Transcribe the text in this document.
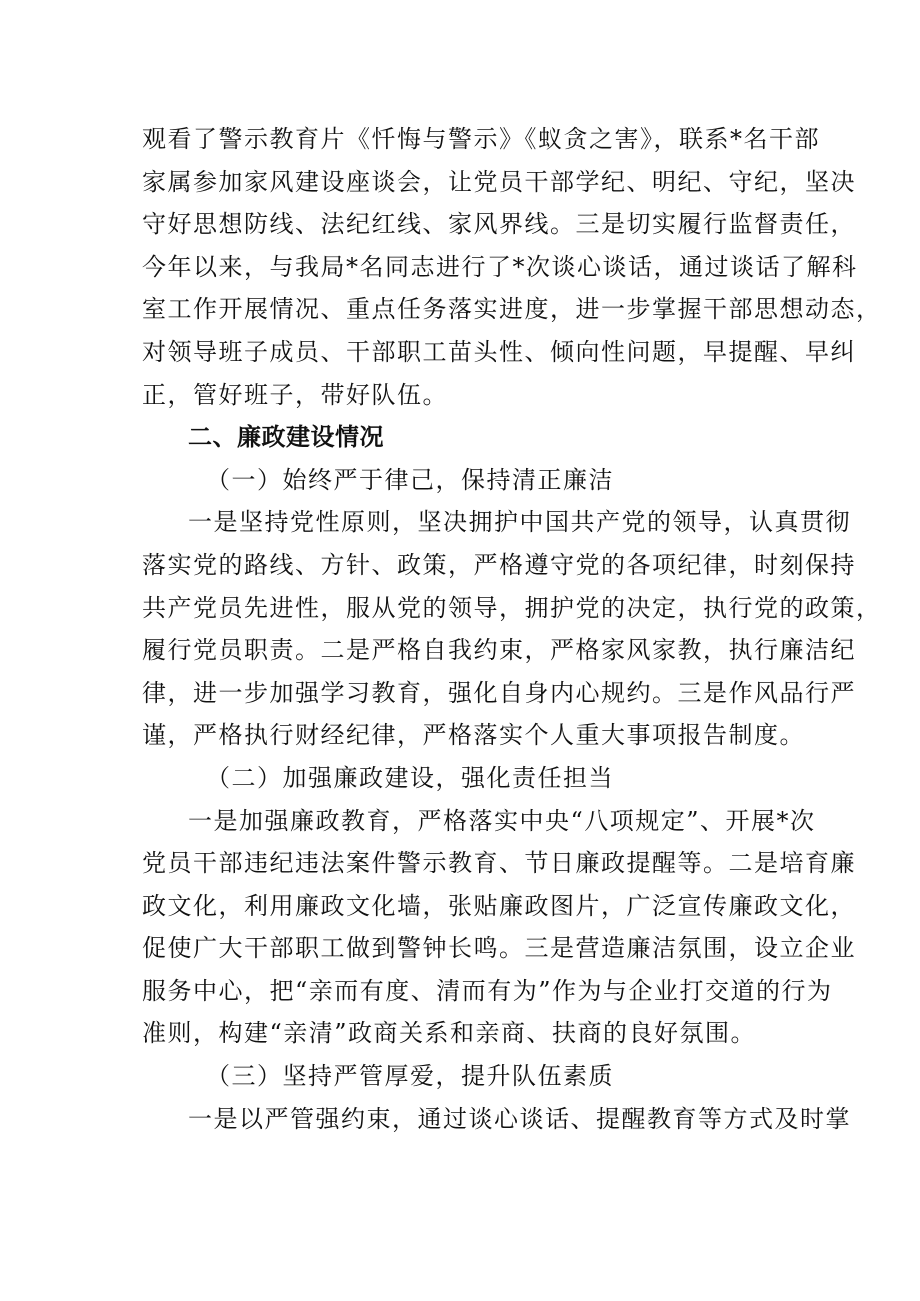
观看了警示教育片《忏悔与警示》《蚁贪之害》，联系*名干部
家属参加家风建设座谈会，让党员干部学纪、明纪、守纪，坚决
守好思想防线、法纪红线、家风界线。三是切实履行监督责任，
今年以来，与我局*名同志进行了*次谈心谈话，通过谈话了解科
室工作开展情况、重点任务落实进度，进一步掌握干部思想动态，
对领导班子成员、干部职工苗头性、倾向性问题，早提醒、早纠
正，管好班子，带好队伍。
二、廉政建设情况
（一）始终严于律己，保持清正廉洁
一是坚持党性原则，坚决拥护中国共产党的领导，认真贯彻
落实党的路线、方针、政策，严格遵守党的各项纪律，时刻保持
共产党员先进性，服从党的领导，拥护党的决定，执行党的政策，
履行党员职责。二是严格自我约束，严格家风家教，执行廉洁纪
律，进一步加强学习教育，强化自身内心规约。三是作风品行严
谨，严格执行财经纪律，严格落实个人重大事项报告制度。
（二）加强廉政建设，强化责任担当
一是加强廉政教育，严格落实中央“八项规定”、开展*次
党员干部违纪违法案件警示教育、节日廉政提醒等。二是培育廉
政文化，利用廉政文化墙，张贴廉政图片，广泛宣传廉政文化，
促使广大干部职工做到警钟长鸣。三是营造廉洁氛围，设立企业
服务中心，把“亲而有度、清而有为”作为与企业打交道的行为
准则，构建“亲清”政商关系和亲商、扶商的良好氛围。
（三）坚持严管厚爱，提升队伍素质
一是以严管强约束，通过谈心谈话、提醒教育等方式及时掌
